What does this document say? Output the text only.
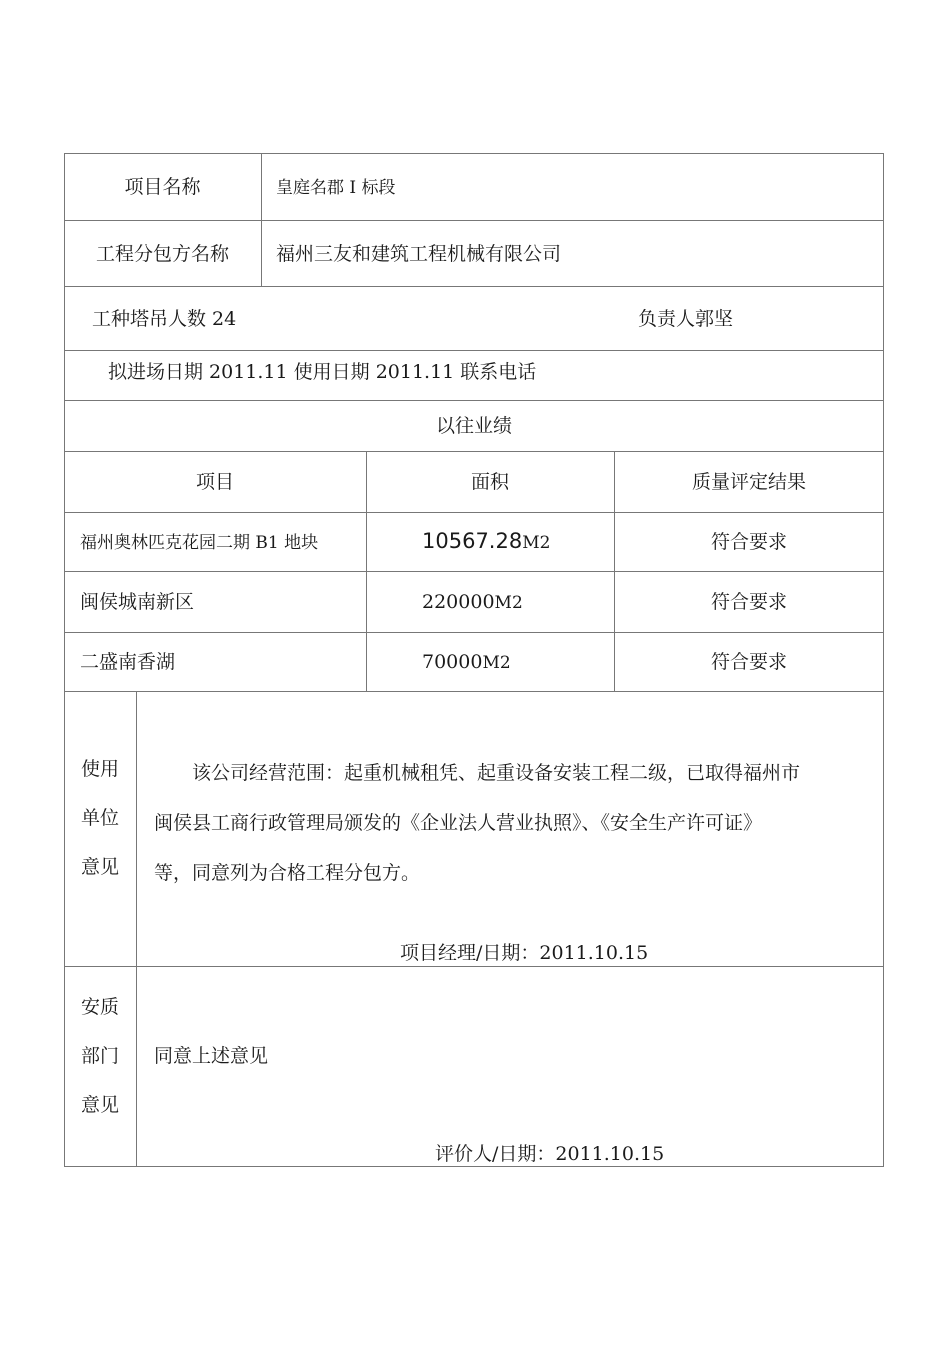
项目名称	皇庭名郡 I 标段
工程分包方名称	福州三友和建筑工程机械有限公司
工种塔吊人数 24	负责人郭坚
拟进场日期 2011.11 使用日期 2011.11 联系电话
以往业绩
项目	面积	质量评定结果
福州奥林匹克花园二期 B1 地块	10567.28M2	符合要求
闽侯城南新区	220000M2	符合要求
二盛南香湖	70000M2	符合要求
使用
单位
意见

该公司经营范围：起重机械租凭、起重设备安装工程二级，已取得福州市

闽侯县工商行政管理局颁发的《企业法人营业执照》、《安全生产许可证》

等，同意列为合格工程分包方。

项目经理/日期：2011.10.15
安质
部门
意见
同意上述意见
评价人/日期：2011.10.15
